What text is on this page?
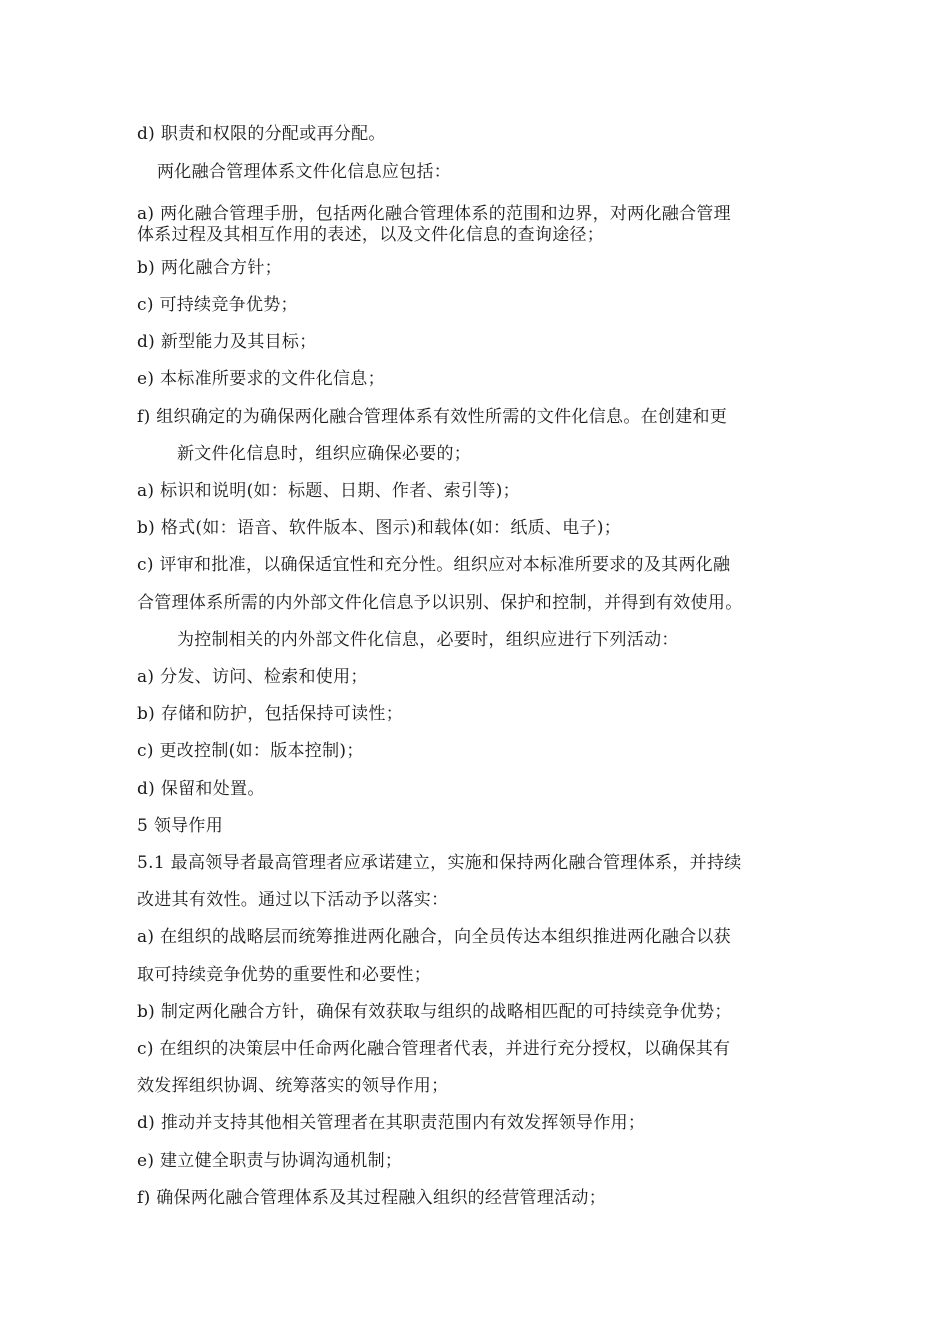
d) 职责和权限的分配或再分配。
两化融合管理体系文件化信息应包括：
a) 两化融合管理手册，包括两化融合管理体系的范围和边界，对两化融合管理
体系过程及其相互作用的表述，以及文件化信息的查询途径；
b) 两化融合方针；
c) 可持续竞争优势；
d) 新型能力及其目标；
e) 本标准所要求的文件化信息；
f) 组织确定的为确保两化融合管理体系有效性所需的文件化信息。在创建和更
新文件化信息时，组织应确保必要的；
a) 标识和说明(如：标题、日期、作者、索引等)；
b) 格式(如：语音、软件版本、图示)和载体(如：纸质、电子)；
c) 评审和批准，以确保适宜性和充分性。组织应对本标准所要求的及其两化融
合管理体系所需的内外部文件化信息予以识别、保护和控制，并得到有效使用。
为控制相关的内外部文件化信息，必要时，组织应进行下列活动：
a) 分发、访问、检索和使用；
b) 存储和防护，包括保持可读性；
c) 更改控制(如：版本控制)；
d) 保留和处置。
5 领导作用
5.1 最高领导者最高管理者应承诺建立，实施和保持两化融合管理体系，并持续
改进其有效性。通过以下活动予以落实：
a) 在组织的战略层而统筹推进两化融合，向全员传达本组织推进两化融合以获
取可持续竞争优势的重要性和必要性；
b) 制定两化融合方针，确保有效获取与组织的战略相匹配的可持续竞争优势；
c) 在组织的决策层中任命两化融合管理者代表，并进行充分授权，以确保其有
效发挥组织协调、统筹落实的领导作用；
d) 推动并支持其他相关管理者在其职责范围内有效发挥领导作用；
e) 建立健全职责与协调沟通机制；
f) 确保两化融合管理体系及其过程融入组织的经营管理活动；
